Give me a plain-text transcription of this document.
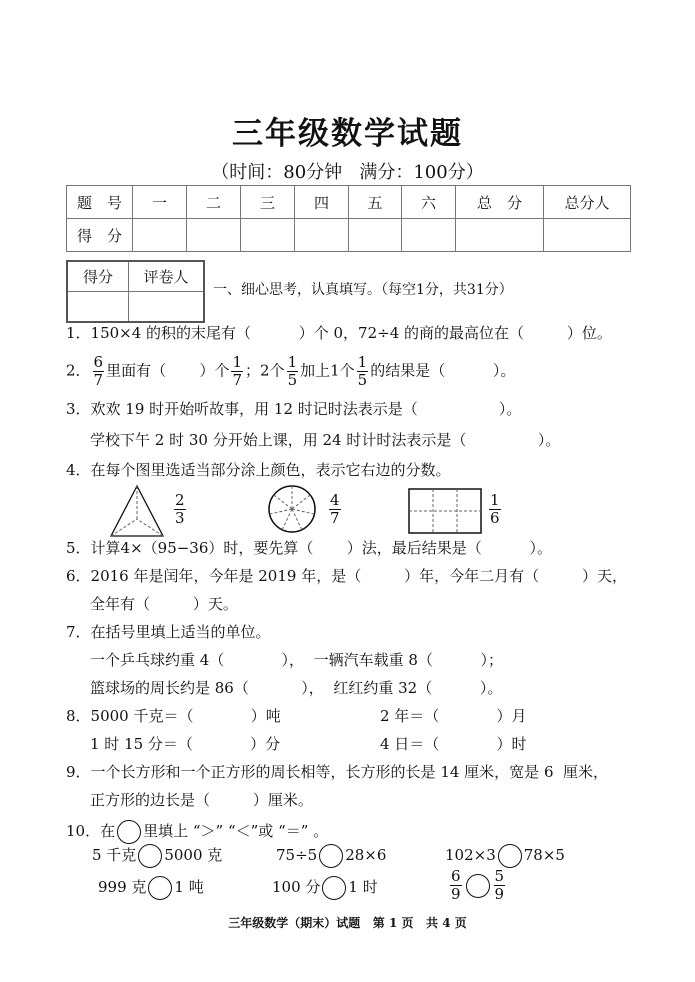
三年级数学试题
（时间：80分钟   满分：100分）
题　号	一	二	三	四	五	六	总　分	总分人
得　分								
得分	评卷人

一、细心思考，认真填写。（每空1分，共31分）
1．150×4 的积的末尾有（          ）个 0，72÷4 的商的最高位在（         ）位。
2． $\frac{6}{7}$ 里面有（       ）个 $\frac{1}{7}$ ；2个 $\frac{1}{5}$ 加上1个 $\frac{1}{5}$ 的结果是（          ）。
3．欢欢 19 时开始听故事，用 12 时记时法表示是（                 ）。
学校下午 2 时 30 分开始上课，用 24 时计时法表示是（               ）。
4．在每个图里选适当部分涂上颜色，表示它右边的分数。
$\frac{2}{3}$	$\frac{4}{7}$	$\frac{1}{6}$
5．计算4×（95−36）时，要先算（       ）法，最后结果是（          ）。
6．2016 年是闰年，今年是 2019 年，是（         ）年，今年二月有（         ）天，
全年有（         ）天。
7．在括号里填上适当的单位。
一个乒乓球约重 4（            ），  一辆汽车载重 8（          ）；
篮球场的周长约是 86（           ），  红红约重 32（          ）。
8．5000 千克＝（            ）吨	2 年＝（            ）月
1 时 15 分＝（            ）分	4 日＝（            ）时
9．一个长方形和一个正方形的周长相等，长方形的长是 14 厘米，宽是 6  厘米，
正方形的边长是（         ）厘米。
10．在 里填上 “＞” “＜”或 “＝” 。
5 千克 5000 克	75÷5 28×6	102×3 78×5
999 克 1 吨	100 分 1 时	$\frac{6}{9} \frac{5}{9}$
三年级数学（期末）试题   第 1 页   共 4 页
